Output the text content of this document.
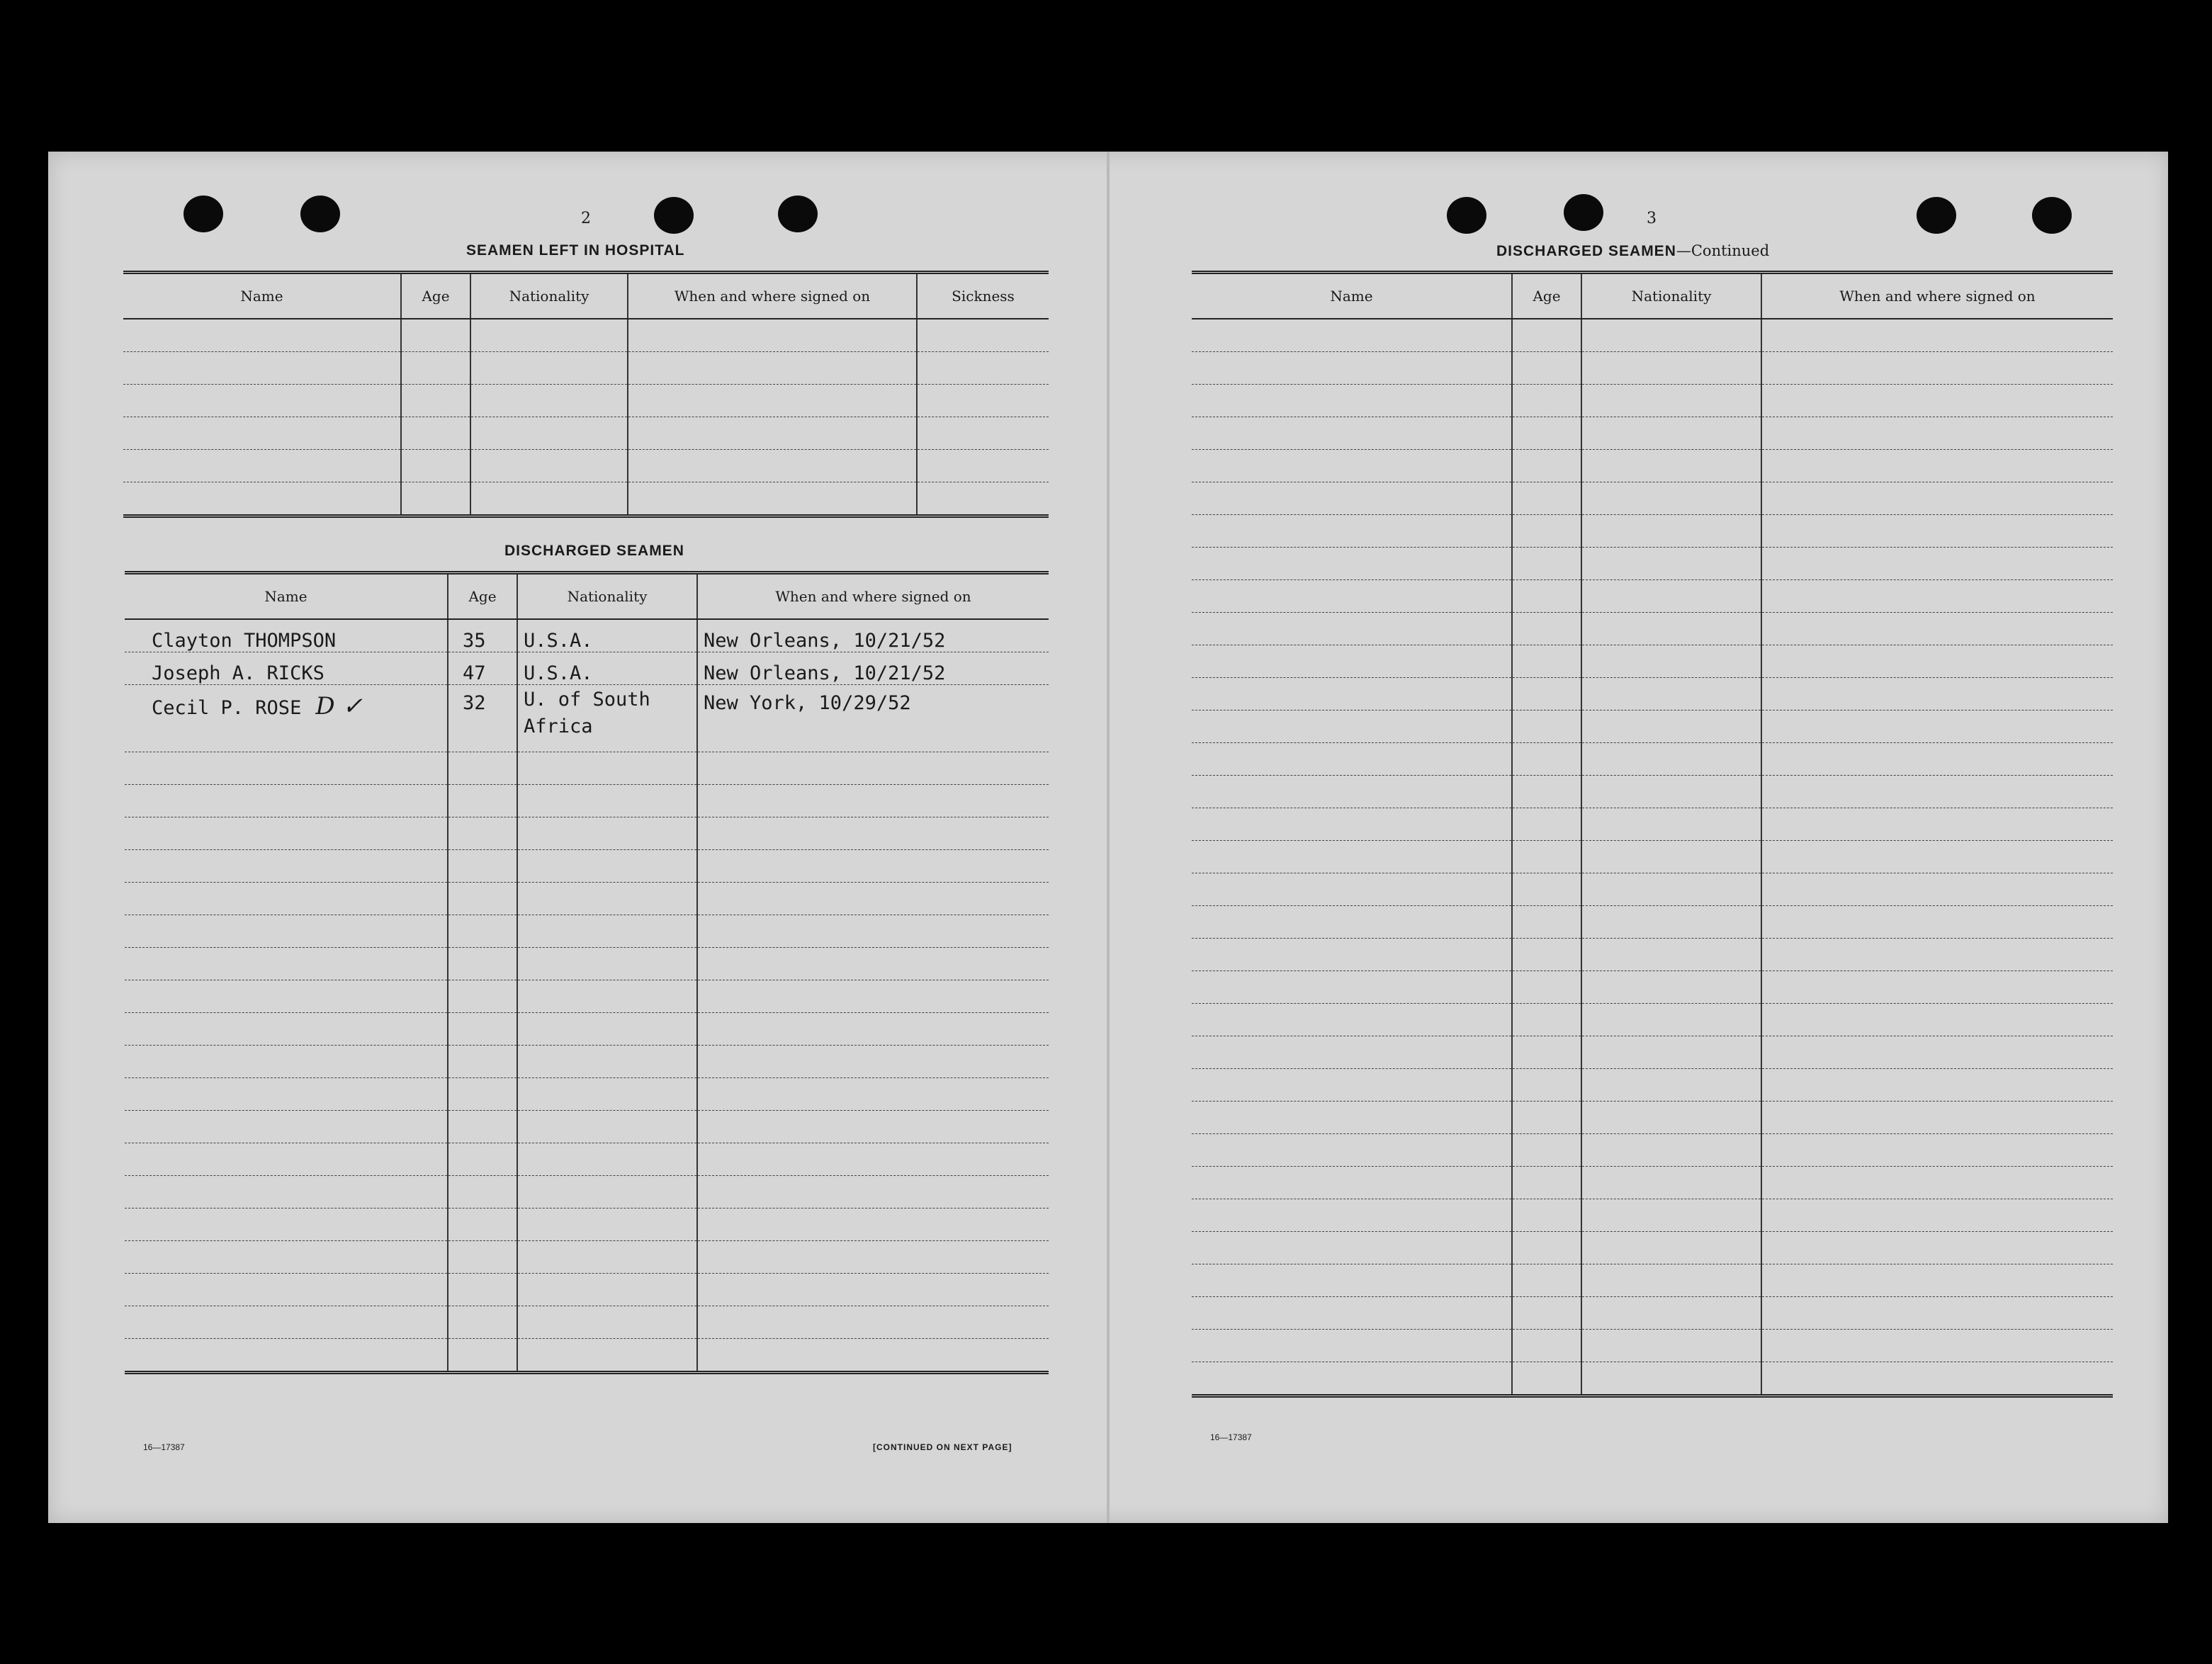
2
SEAMEN LEFT IN HOSPITAL
Name	Age	Nationality	When and where signed on	Sickness

DISCHARGED SEAMEN
Name	Age	Nationality	When and where signed on
Clayton THOMPSON	35	U.S.A.	New Orleans, 10/21/52
Joseph A. RICKS	47	U.S.A.	New Orleans, 10/21/52
Cecil P. ROSE D ✓	32	U. of South Africa	New York, 10/29/52

16—17387	[CONTINUED ON NEXT PAGE]
3
DISCHARGED SEAMEN—Continued
Name	Age	Nationality	When and where signed on

16—17387
